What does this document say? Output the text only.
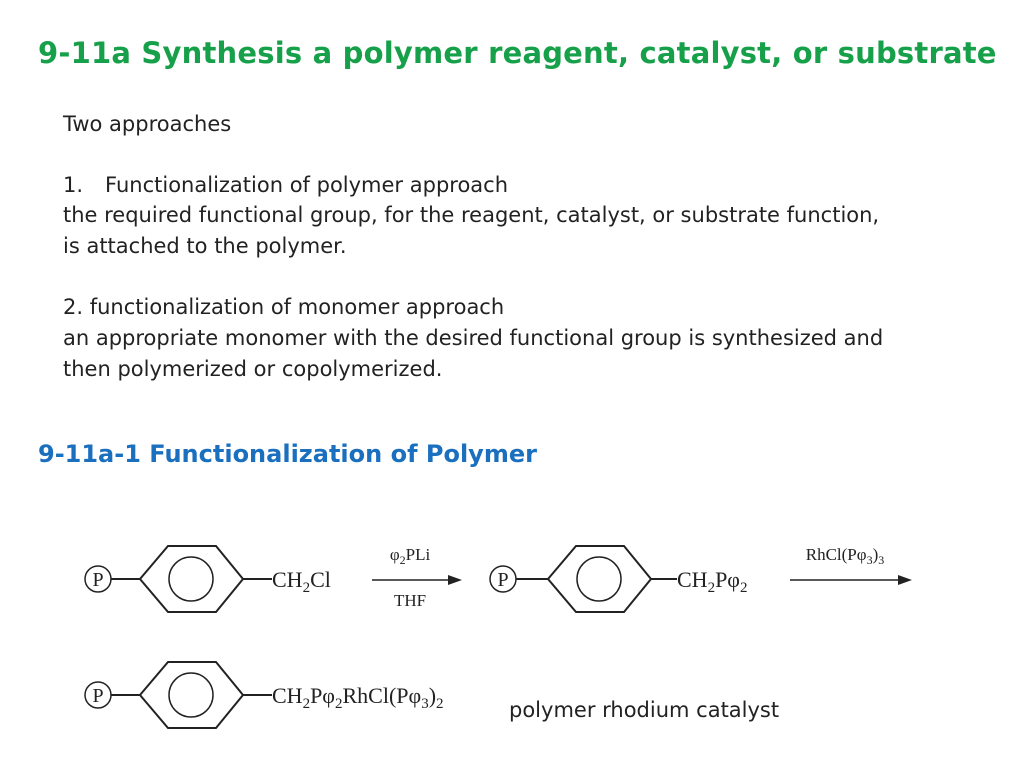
9-11a Synthesis a polymer reagent, catalyst, or substrate
Two approaches
1. Functionalization of polymer approach
the required functional group, for the reagent, catalyst, or substrate function,
is attached to the polymer.
2. functionalization of monomer approach
an appropriate monomer with the desired functional group is synthesized and
then polymerized or copolymerized.
9-11a-1 Functionalization of Polymer
P	$CH_2Cl$
$\varphi_2PLi$
THF
P	$CH_2P\varphi_2$
$RhCl(P\varphi_3)_3$
P	$CH_2P\varphi_2RhCl(P\varphi_3)_2$	polymer rhodium catalyst
